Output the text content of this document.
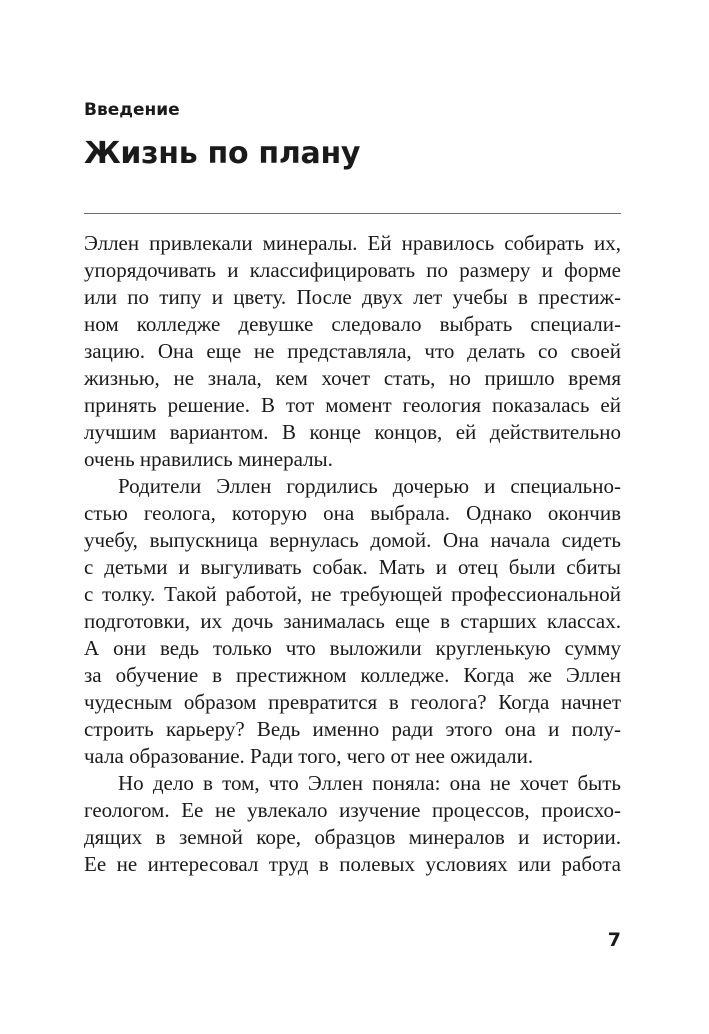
Введение
Жизнь по плану

Эллен привлекали минералы. Ей нравилось собирать их,
упорядочивать и классифицировать по размеру и форме
или по типу и цвету. После двух лет учебы в престиж-
ном колледже девушке следовало выбрать специали-
зацию. Она еще не представляла, что делать со своей
жизнью, не знала, кем хочет стать, но пришло время
принять решение. В тот момент геология показалась ей
лучшим вариантом. В конце концов, ей действительно
очень нравились минералы.

Родители Эллен гордились дочерью и специально-
стью геолога, которую она выбрала. Однако окончив
учебу, выпускница вернулась домой. Она начала сидеть
с детьми и выгуливать собак. Мать и отец были сбиты
с толку. Такой работой, не требующей профессиональной
подготовки, их дочь занималась еще в старших классах.
А они ведь только что выложили кругленькую сумму
за обучение в престижном колледже. Когда же Эллен
чудесным образом превратится в геолога? Когда начнет
строить карьеру? Ведь именно ради этого она и полу-
чала образование. Ради того, чего от нее ожидали.

Но дело в том, что Эллен поняла: она не хочет быть
геологом. Ее не увлекало изучение процессов, происхо-
дящих в земной коре, образцов минералов и истории.
Ее не интересовал труд в полевых условиях или работа

7
